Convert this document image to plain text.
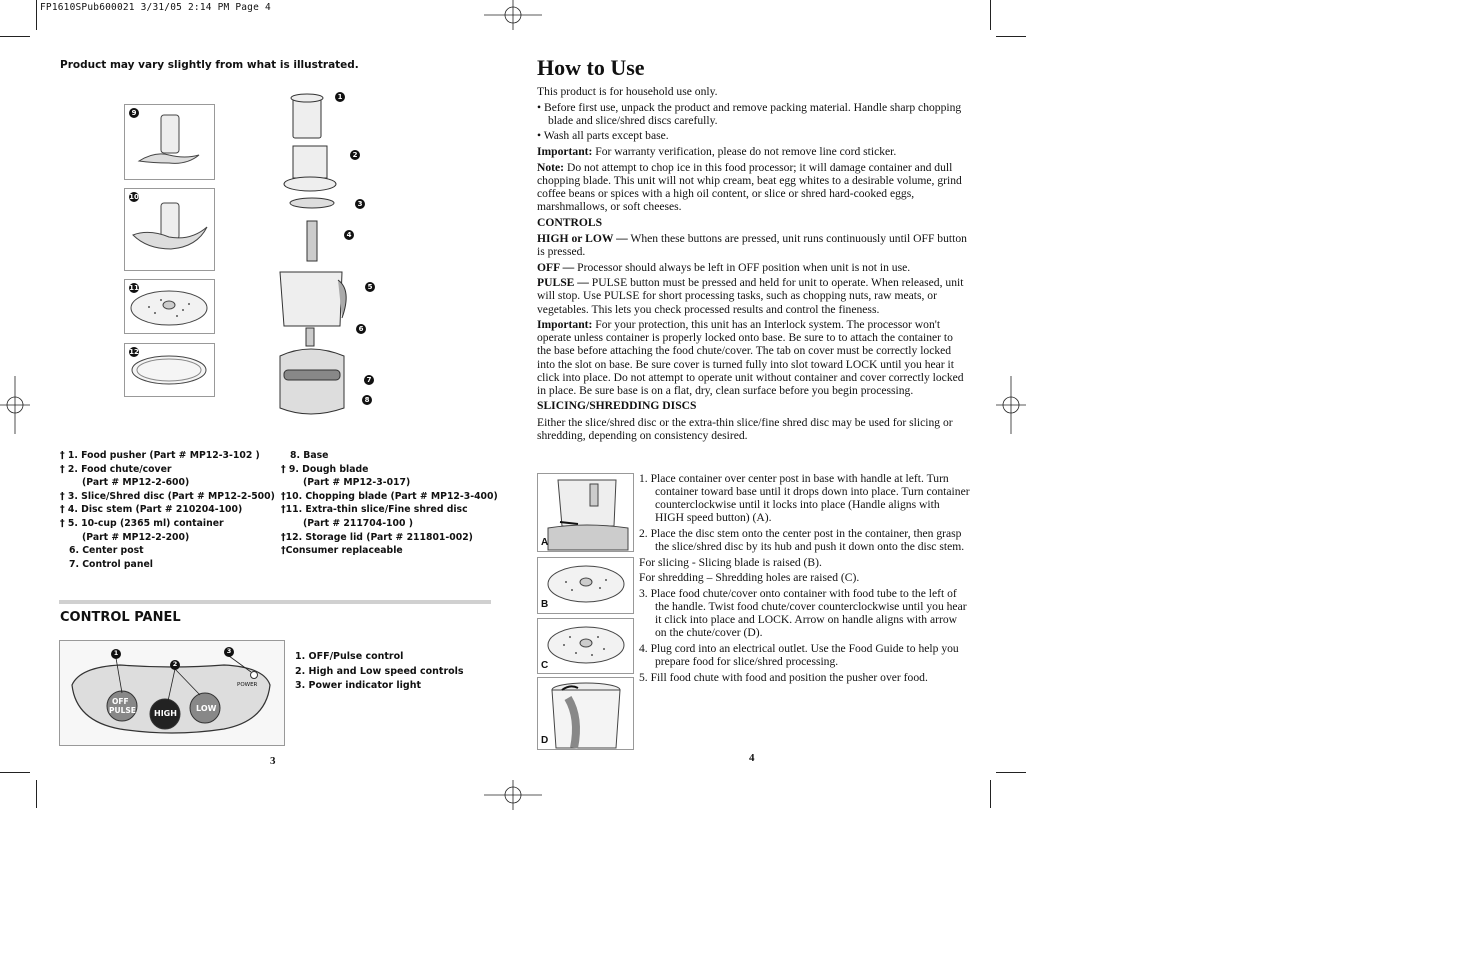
FP1610SPub600021 3/31/05 2:14 PM Page 4
Product may vary slightly from what is illustrated.
9
10
11
12
1
2
3
4
5
6
7
8
† 1. Food pusher (Part # MP12-3-102 )
† 2. Food chute/cover
(Part # MP12-2-600)
† 3. Slice/Shred disc (Part # MP12-2-500)
† 4. Disc stem (Part # 210204-100)
† 5. 10-cup (2365 ml) container
(Part # MP12-2-200)
6. Center post
7. Control panel
8. Base
† 9. Dough blade
(Part # MP12-3-017)
†10. Chopping blade (Part # MP12-3-400)
†11. Extra-thin slice/Fine shred disc
(Part # 211704-100 )
†12. Storage lid (Part # 211801-002)
†Consumer replaceable
CONTROL PANEL
OFF
PULSE HIGH
LOW
POWER
1
2
3	1. OFF/Pulse control
2. High and Low speed controls
3. Power indicator light
3
How to Use

This product is for household use only.

• Before first use, unpack the product and remove packing material. Handle sharp chopping blade and slice/shred discs carefully.

• Wash all parts except base.

Important: For warranty verification, please do not remove line cord sticker.

Note: Do not attempt to chop ice in this food processor; it will damage container and dull chopping blade. This unit will not whip cream, beat egg whites to a desirable volume, grind coffee beans or spices with a high oil content, or slice or shred hard-cooked eggs, marshmallows, or soft cheeses.

CONTROLS

HIGH or LOW — When these buttons are pressed, unit runs continuously until OFF button is pressed.

OFF — Processor should always be left in OFF position when unit is not in use.

PULSE — PULSE button must be pressed and held for unit to operate. When released, unit will stop. Use PULSE for short processing tasks, such as chopping nuts, raw meats, or vegetables. This lets you check processed results and control the fineness.

Important: For your protection, this unit has an Interlock system. The processor won't operate unless container is properly locked onto base. Be sure to to attach the container to the base before attaching the food chute/cover. The tab on cover must be correctly locked into the slot on base. Be sure cover is turned fully into slot toward LOCK until you hear it click into place. Do not attempt to operate unit without container and cover correctly locked in place. Be sure base is on a flat, dry, clean surface before you begin processing.

SLICING/SHREDDING DISCS

Either the slice/shred disc or the extra-thin slice/fine shred disc may be used for slicing or shredding, depending on consistency desired.

A
B
C
D

1. Place container over center post in base with handle at left. Turn container toward base until it drops down into place. Turn container counterclockwise until it locks into place (Handle aligns with HIGH speed button) (A).

2. Place the disc stem onto the center post in the container, then grasp the slice/shred disc by its hub and push it down onto the disc stem.

For slicing - Slicing blade is raised (B).

For shredding – Shredding holes are raised (C).

3. Place food chute/cover onto container with food tube to the left of the handle. Twist food chute/cover counterclockwise until you hear it click into place and LOCK. Arrow on handle aligns with arrow on the chute/cover (D).

4. Plug cord into an electrical outlet. Use the Food Guide to help you prepare food for slice/shred processing.

5. Fill food chute with food and position the pusher over food.

4
